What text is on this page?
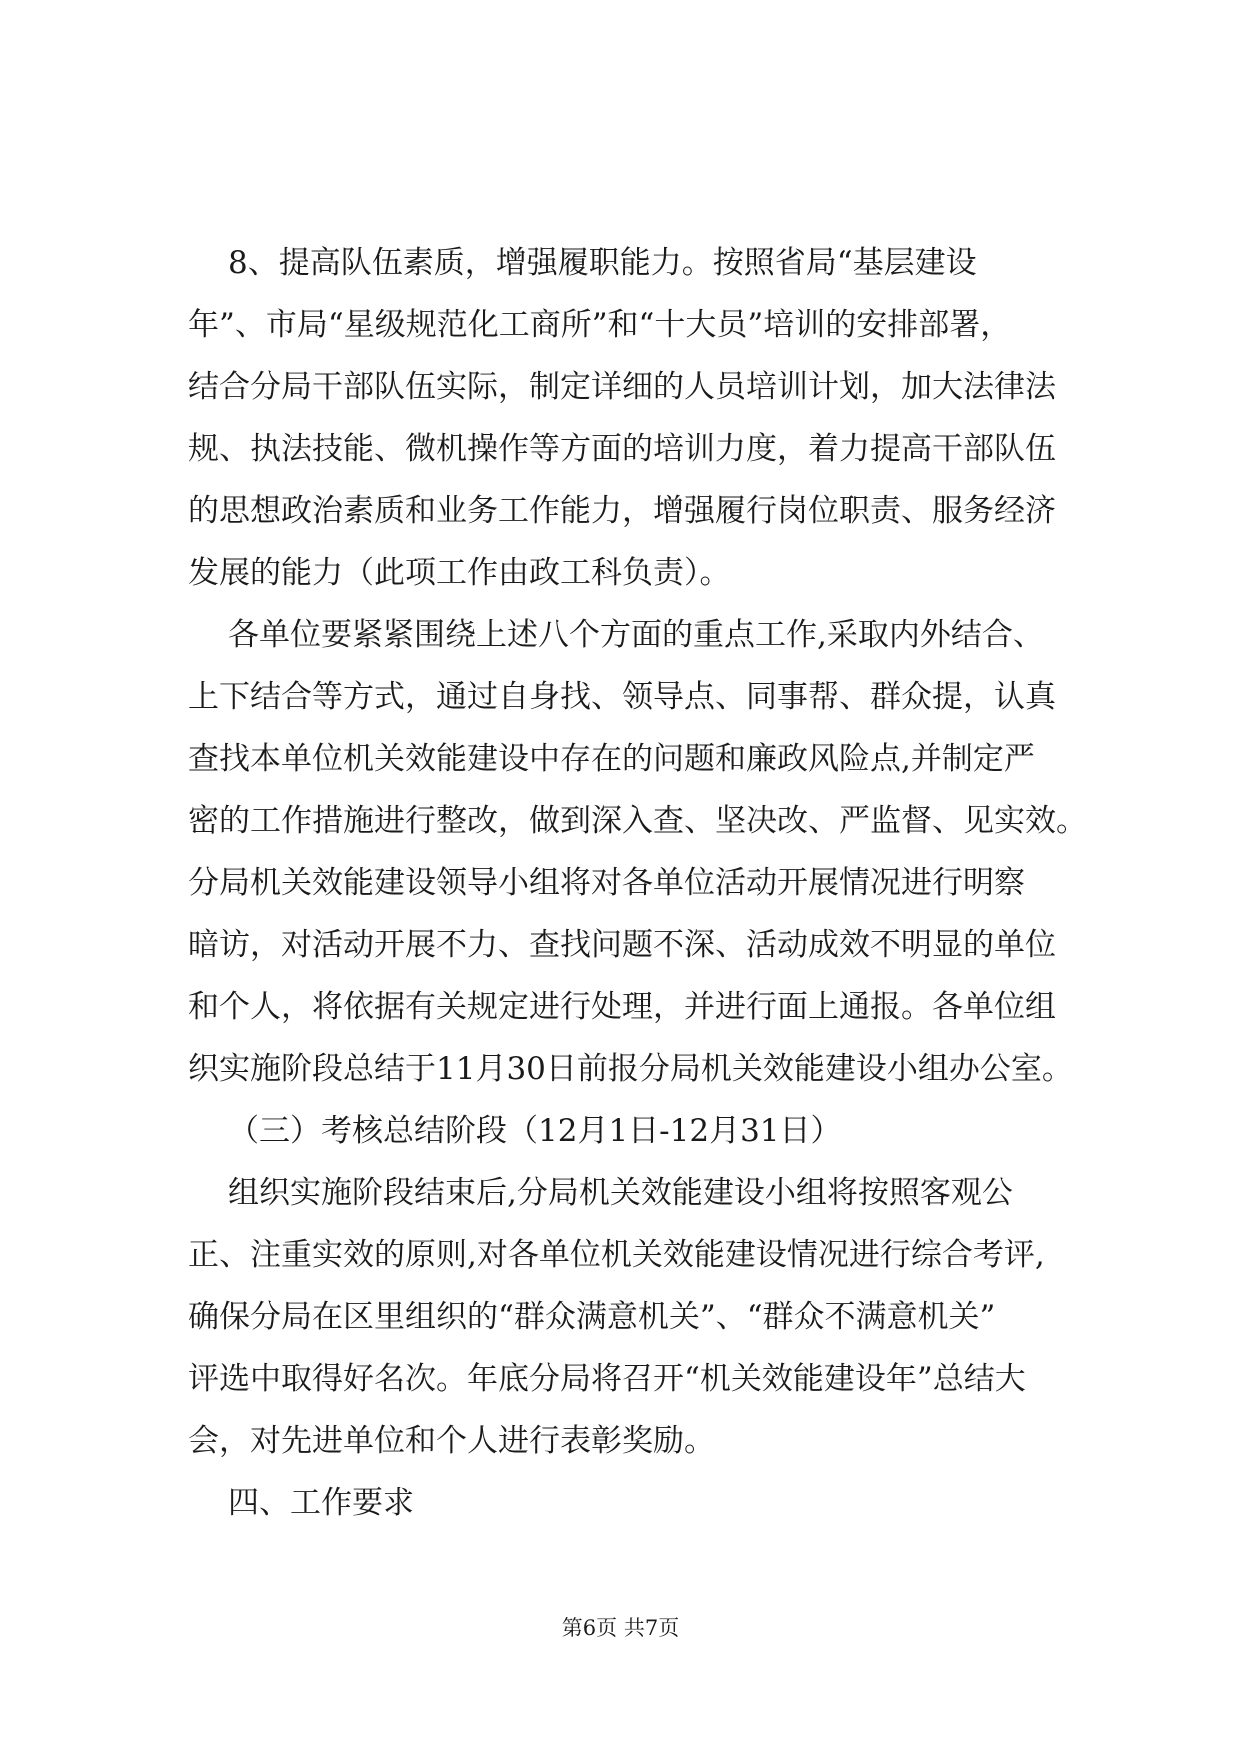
8、提高队伍素质，增强履职能力。按照省局“基层建设
年”、市局“星级规范化工商所”和“十大员”培训的安排部署，
结合分局干部队伍实际，制定详细的人员培训计划，加大法律法
规、执法技能、微机操作等方面的培训力度，着力提高干部队伍
的思想政治素质和业务工作能力，增强履行岗位职责、服务经济
发展的能力（此项工作由政工科负责）。
各单位要紧紧围绕上述八个方面的重点工作,采取内外结合、
上下结合等方式，通过自身找、领导点、同事帮、群众提，认真
查找本单位机关效能建设中存在的问题和廉政风险点,并制定严
密的工作措施进行整改，做到深入查、坚决改、严监督、见实效。
分局机关效能建设领导小组将对各单位活动开展情况进行明察
暗访，对活动开展不力、查找问题不深、活动成效不明显的单位
和个人，将依据有关规定进行处理，并进行面上通报。各单位组
织实施阶段总结于11月30日前报分局机关效能建设小组办公室。
（三）考核总结阶段（12月1日-12月31日）
组织实施阶段结束后,分局机关效能建设小组将按照客观公
正、注重实效的原则,对各单位机关效能建设情况进行综合考评,
确保分局在区里组织的“群众满意机关”、“群众不满意机关”
评选中取得好名次。年底分局将召开“机关效能建设年”总结大
会，对先进单位和个人进行表彰奖励。
四、工作要求
第6页 共7页
